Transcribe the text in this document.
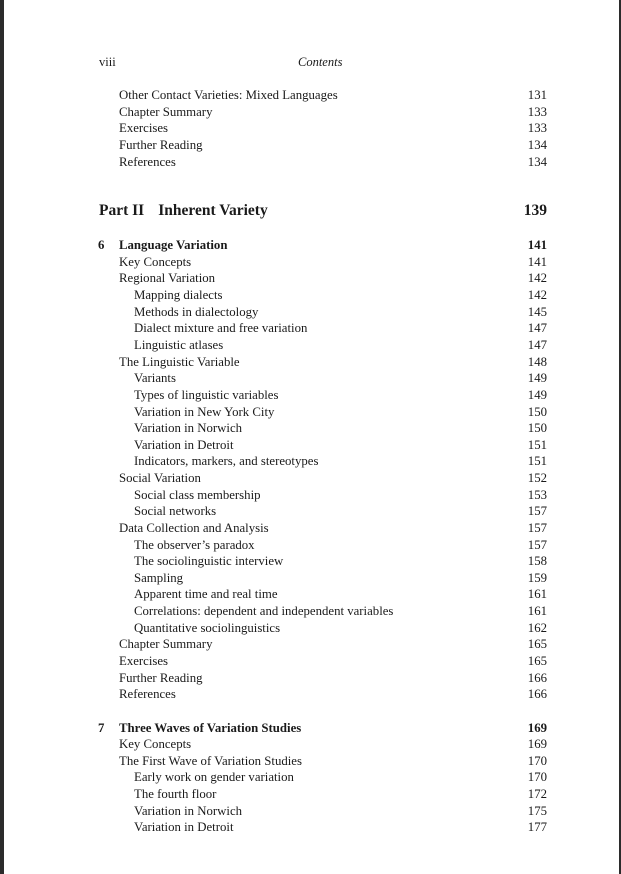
viii	Contents
Other Contact Varieties: Mixed Languages	131
Chapter Summary	133
Exercises	133
Further Reading	134
References	134
Part II Inherent Variety	139
6 Language Variation	141
Key Concepts	141
Regional Variation	142
Mapping dialects	142
Methods in dialectology	145
Dialect mixture and free variation	147
Linguistic atlases	147
The Linguistic Variable	148
Variants	149
Types of linguistic variables	149
Variation in New York City	150
Variation in Norwich	150
Variation in Detroit	151
Indicators, markers, and stereotypes	151
Social Variation	152
Social class membership	153
Social networks	157
Data Collection and Analysis	157
The observer’s paradox	157
The sociolinguistic interview	158
Sampling	159
Apparent time and real time	161
Correlations: dependent and independent variables	161
Quantitative sociolinguistics	162
Chapter Summary	165
Exercises	165
Further Reading	166
References	166
7 Three Waves of Variation Studies	169
Key Concepts	169
The First Wave of Variation Studies	170
Early work on gender variation	170
The fourth floor	172
Variation in Norwich	175
Variation in Detroit	177
